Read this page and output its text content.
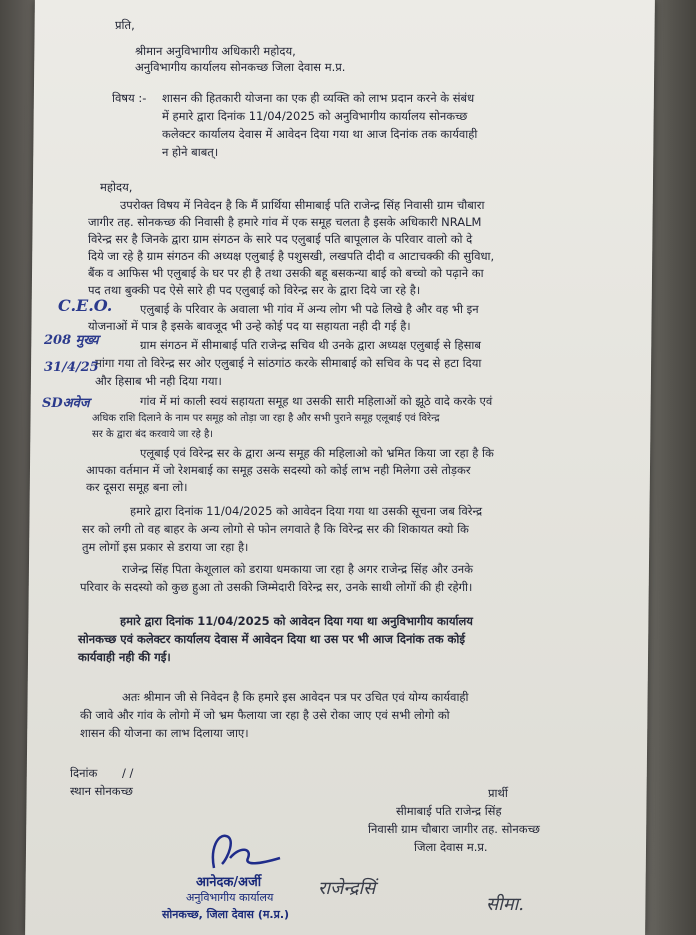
प्रति,
श्रीमान अनुविभागीय अधिकारी महोदय,
अनुविभागीय कार्यालय सोनकच्छ जिला देवास म.प्र.
विषय :- शासन की हितकारी योजना का एक ही व्यक्ति को लाभ प्रदान करने के संबंध
में हमारे द्वारा दिनांक 11/04/2025 को अनुविभागीय कार्यालय सोनकच्छ
कलेक्टर कार्यालय देवास में आवेदन दिया गया था आज दिनांक तक कार्यवाही
न होने बाबत्।
महोदय,
उपरोक्त विषय में निवेदन है कि मैं प्रार्थिया सीमाबाई पति राजेन्द्र सिंह निवासी ग्राम चौबारा
जागीर तह. सोनकच्छ की निवासी है हमारे गांव में एक समूह चलता है इसके अधिकारी NRALM
विरेन्द्र सर है जिनके द्वारा ग्राम संगठन के सारे पद एलुबाई पति बापूलाल के परिवार वालो को दे
दिये जा रहे है ग्राम संगठन की अध्यक्ष एलुबाई है पशुसखी, लखपति दीदी व आटाचक्की की सुविधा,
बैंक व आफिस भी एलुबाई के घर पर ही है तथा उसकी बहू बसकन्या बाई को बच्चो को पढ़ाने का
पद तथा बुक्की पद ऐसे सारे ही पद एलुबाई को विरेन्द्र सर के द्वारा दिये जा रहे है।
एलुबाई के परिवार के अवाला भी गांव में अन्य लोग भी पढे लिखे है और वह भी इन
योजनाओं में पात्र है इसके बावजूद भी उन्हे कोई पद या सहायता नही दी गई है।
ग्राम संगठन में सीमाबाई पति राजेन्द्र सचिव थी उनके द्वारा अध्यक्ष एलुबाई से हिसाब
मांगा गया तो विरेन्द्र सर ओर एलुबाई ने सांठगांठ करके सीमाबाई को सचिव के पद से हटा दिया
और हिसाब भी नही दिया गया।
गांव में मां काली स्वयं सहायता समूह था उसकी सारी महिलाओं को झूठे वादे करके एवं
अधिक राशि दिलाने के नाम पर समूह को तोड़ा जा रहा है और सभी पुराने समूह एलूबाई एवं विरेन्द्र
सर के द्वारा बंद करवाये जा रहे है।
एलूबाई एवं विरेन्द्र सर के द्वारा अन्य समूह की महिलाओ को भ्रमित किया जा रहा है कि
आपका वर्तमान में जो रेशमबाई का समूह उसके सदस्यो को कोई लाभ नही मिलेगा उसे तोड़कर
कर दूसरा समूह बना लो।
हमारे द्वारा दिनांक 11/04/2025 को आवेदन दिया गया था उसकी सूचना जब विरेन्द्र
सर को लगी तो वह बाहर के अन्य लोगो से फोन लगवाते है कि विरेन्द्र सर की शिकायत क्यो कि
तुम लोगों इस प्रकार से डराया जा रहा है।
राजेन्द्र सिंह पिता केशूलाल को डराया धमकाया जा रहा है अगर राजेन्द्र सिंह और उनके
परिवार के सदस्यो को कुछ हुआ तो उसकी जिम्मेदारी विरेन्द्र सर, उनके साथी लोगों की ही रहेगी।
हमारे द्वारा दिनांक 11/04/2025 को आवेदन दिया गया था अनुविभागीय कार्यालय
सोनकच्छ एवं कलेक्टर कार्यालय देवास में आवेदन दिया था उस पर भी आज दिनांक तक कोई
कार्यवाही नही की गई।
अतः श्रीमान जी से निवेदन है कि हमारे इस आवेदन पत्र पर उचित एवं योग्य कार्यवाही
की जावे और गांव के लोगो में जो भ्रम फैलाया जा रहा है उसे रोका जाए एवं सभी लोगो को
शासन की योजना का लाभ दिलाया जाए।
दिनांक / /
स्थान सोनकच्छ	प्रार्थी
सीमाबाई पति राजेन्द्र सिंह
निवासी ग्राम चौबारा जागीर तह. सोनकच्छ
जिला देवास म.प्र.
C.E.O.
208 मुख्य
31/4/25
SDअवेज
आनेदक/अर्जी
अनुविभागीय कार्यालय
सोनकच्छ, जिला देवास (म.प्र.)
राजेन्द्रसिं
सीमा.
